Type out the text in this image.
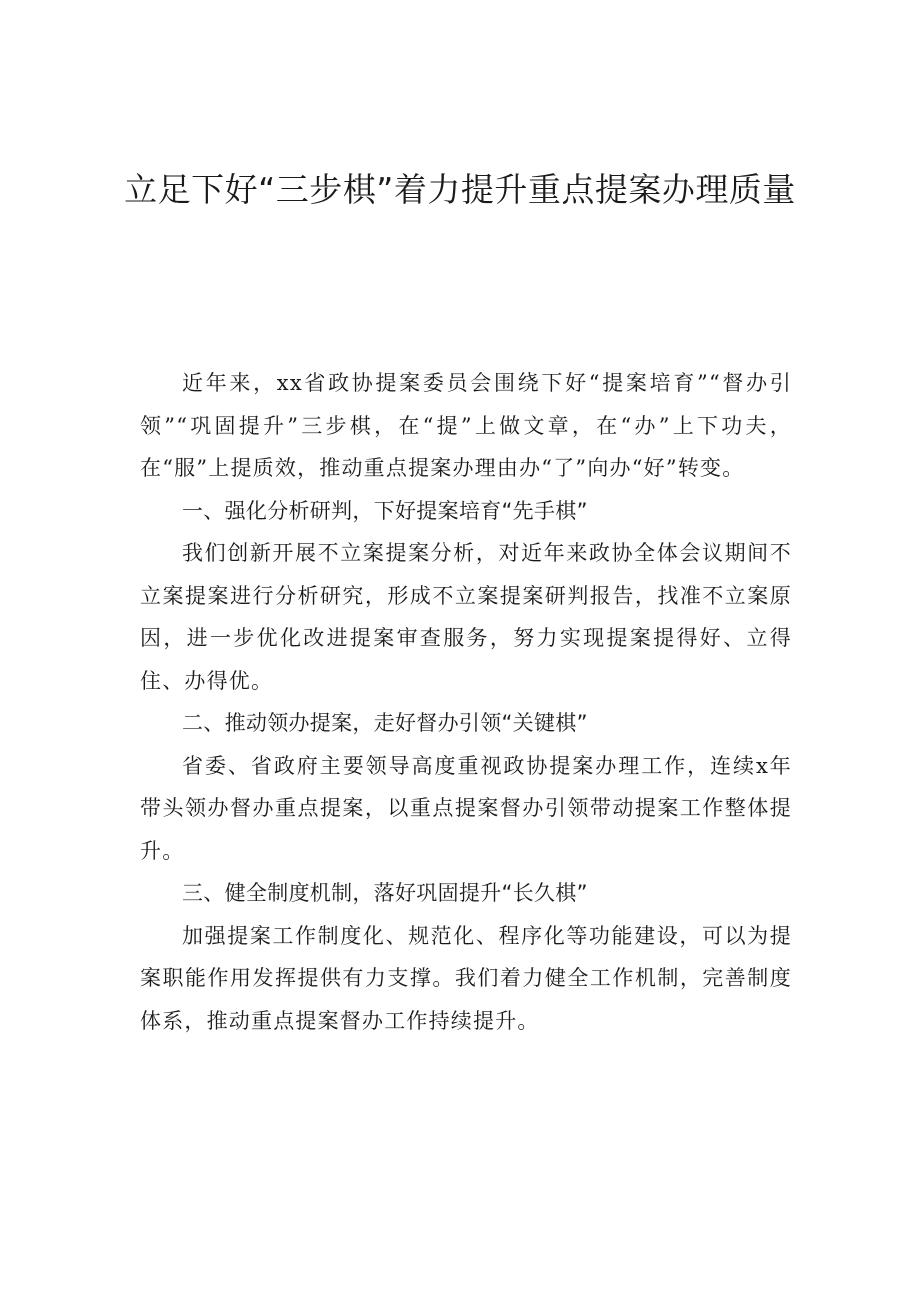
立足下好“三步棋”着力提升重点提案办理质量

近年来，xx省政协提案委员会围绕下好“提案培育”“督办引领”“巩固提升”三步棋，在“提”上做文章，在“办”上下功夫，在“服”上提质效，推动重点提案办理由办“了”向办“好”转变。

一、强化分析研判，下好提案培育“先手棋”

我们创新开展不立案提案分析，对近年来政协全体会议期间不立案提案进行分析研究，形成不立案提案研判报告，找准不立案原因，进一步优化改进提案审查服务，努力实现提案提得好、立得住、办得优。

二、推动领办提案，走好督办引领“关键棋”

省委、省政府主要领导高度重视政协提案办理工作，连续x年带头领办督办重点提案，以重点提案督办引领带动提案工作整体提升。

三、健全制度机制，落好巩固提升“长久棋”

加强提案工作制度化、规范化、程序化等功能建设，可以为提案职能作用发挥提供有力支撑。我们着力健全工作机制，完善制度体系，推动重点提案督办工作持续提升。
